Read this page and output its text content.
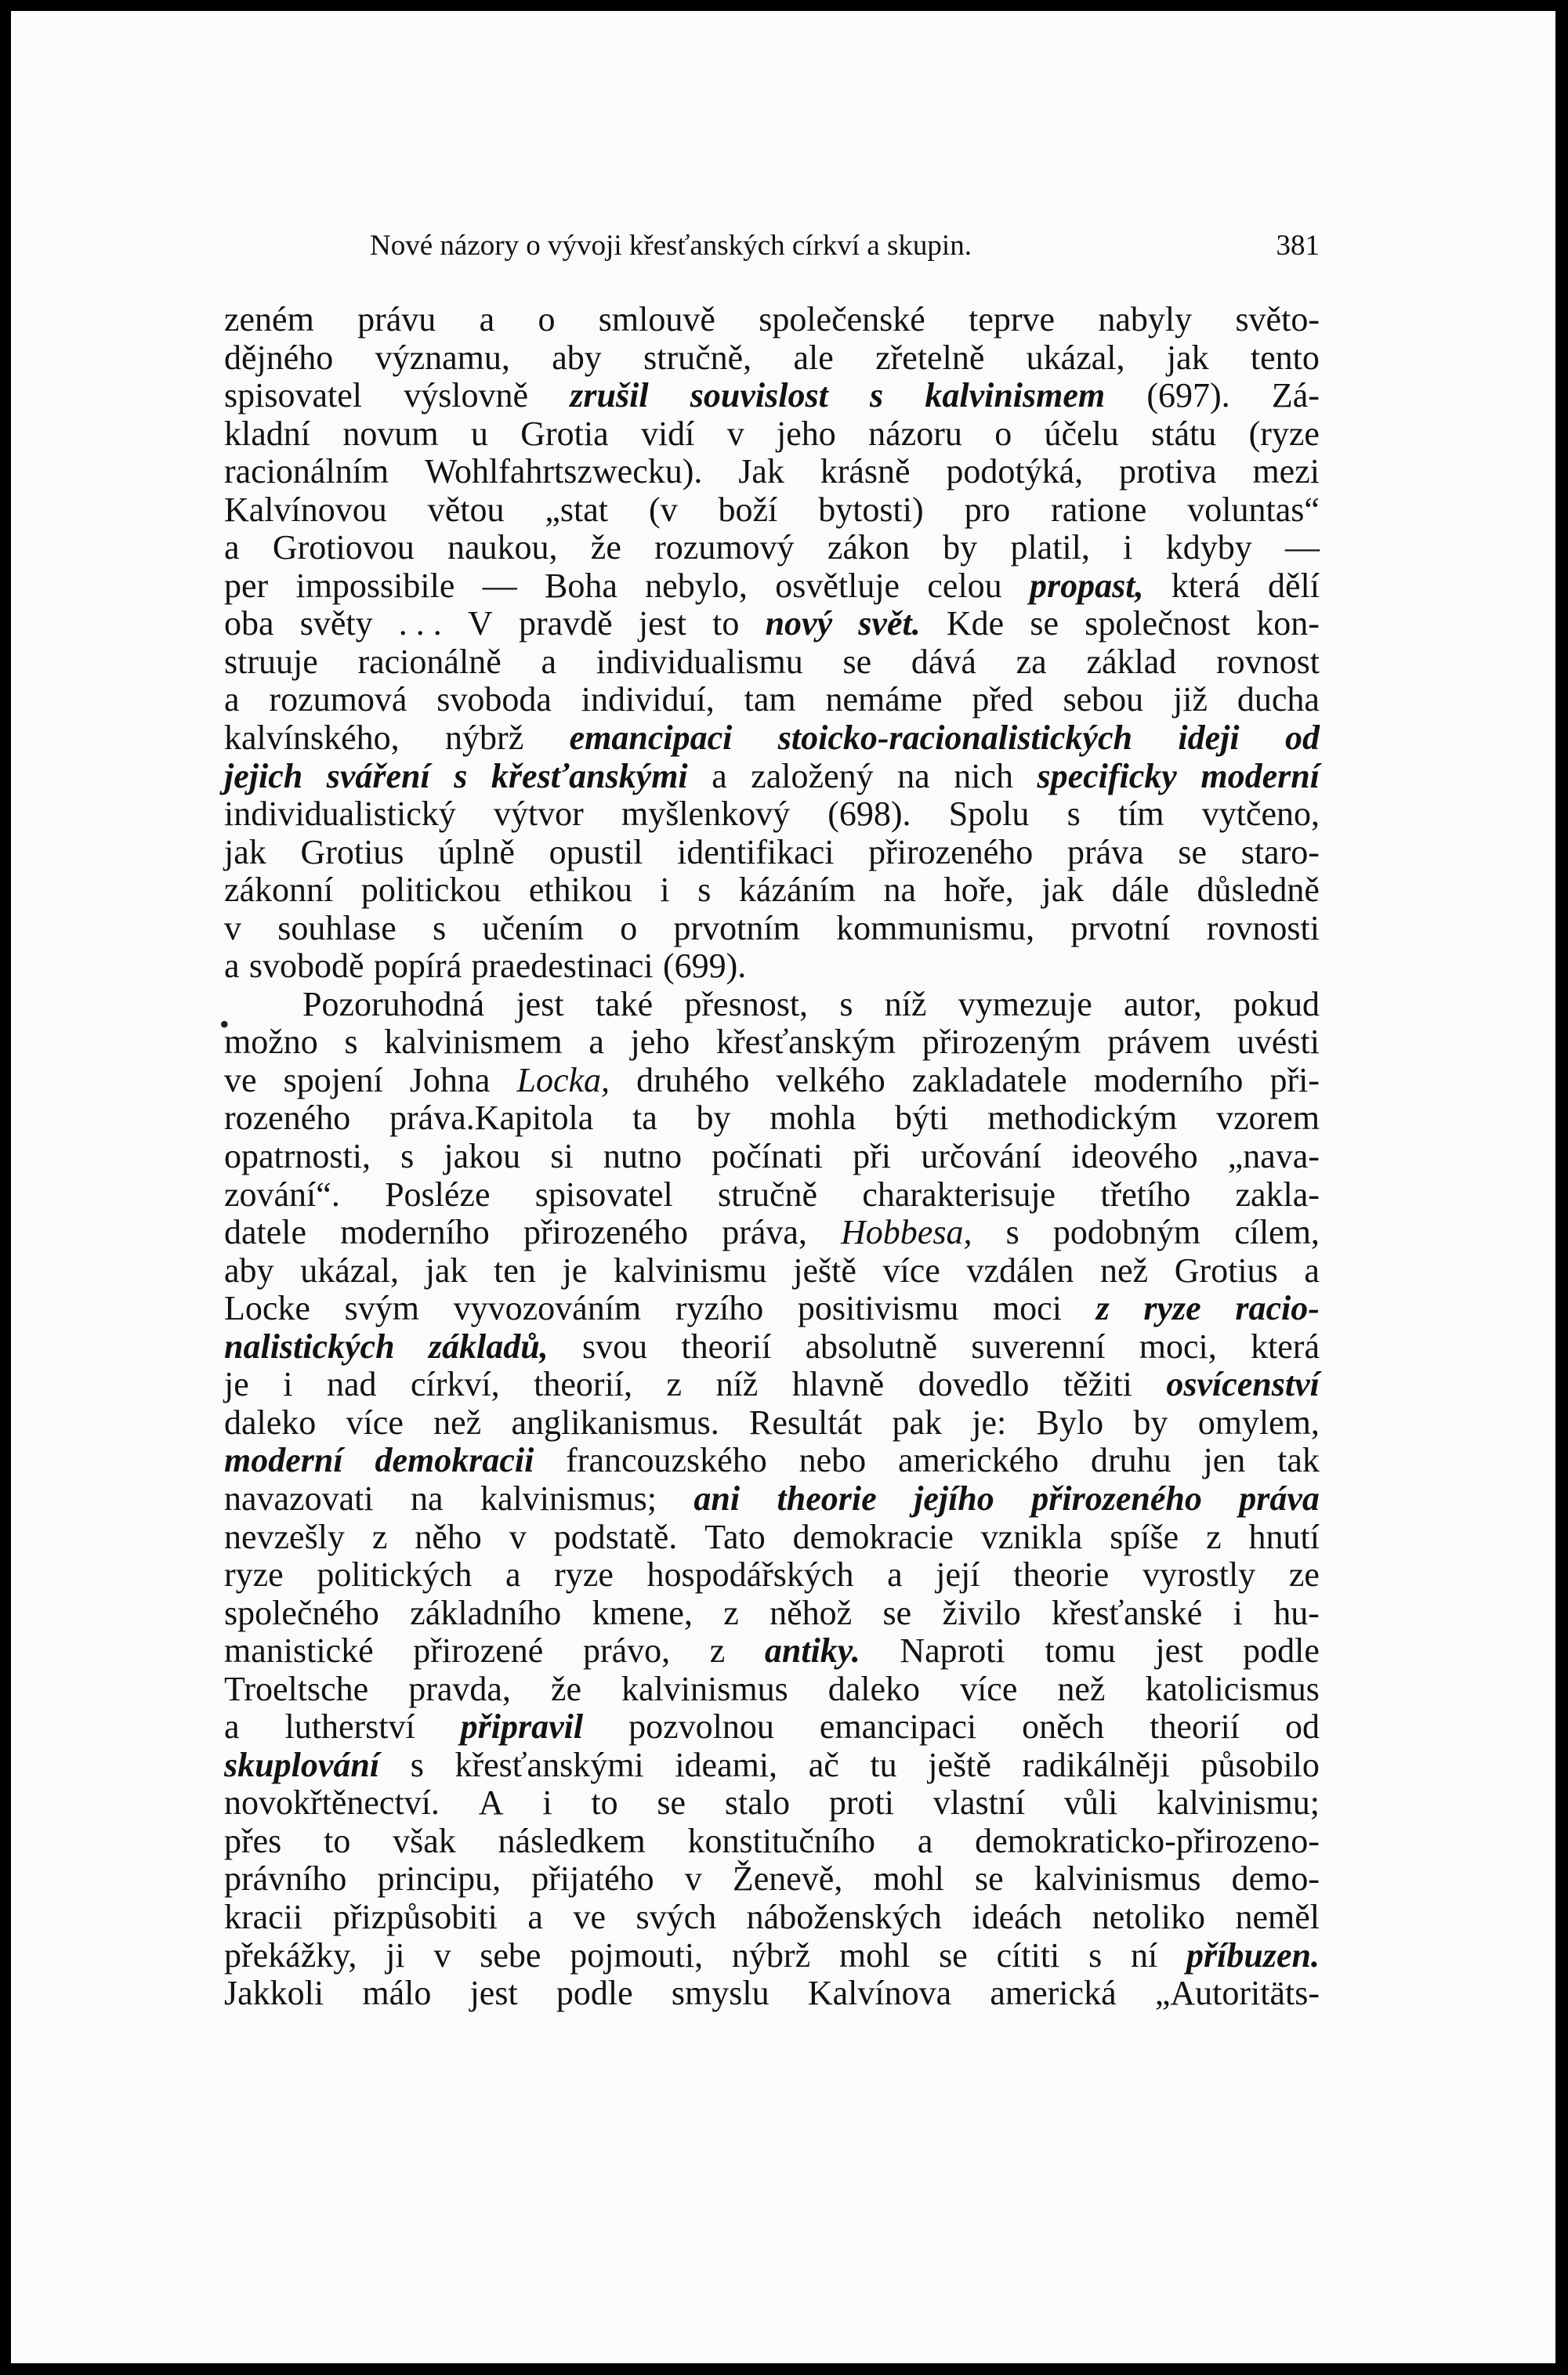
Nové názory o vývoji křesťanských církví a skupin.	381
•
zeném právu a o smlouvě společenské teprve nabyly světo-
dějného významu, aby stručně, ale zřetelně ukázal, jak tento
spisovatel výslovně zrušil souvislost s kalvinismem (697). Zá-
kladní novum u Grotia vidí v jeho názoru o účelu státu (ryze
racionálním Wohlfahrtszwecku). Jak krásně podotýká, protiva mezi
Kalvínovou větou „stat (v boží bytosti) pro ratione voluntas“
a Grotiovou naukou, že rozumový zákon by platil, i kdyby —
per impossibile — Boha nebylo, osvětluje celou propast, která dělí
oba světy . . . V pravdě jest to nový svět. Kde se společnost kon-
struuje racionálně a individualismu se dává za základ rovnost
a rozumová svoboda individuí, tam nemáme před sebou již ducha
kalvínského, nýbrž emancipaci stoicko-racionalistických ideji od
jejich sváření s křesťanskými a založený na nich specificky moderní
individualistický výtvor myšlenkový (698). Spolu s tím vytčeno,
jak Grotius úplně opustil identifikaci přirozeného práva se staro-
zákonní politickou ethikou i s kázáním na hoře, jak dále důsledně
v souhlase s učením o prvotním kommunismu, prvotní rovnosti
a svobodě popírá praedestinaci (699).
Pozoruhodná jest také přesnost, s níž vymezuje autor, pokud
možno s kalvinismem a jeho křesťanským přirozeným právem uvésti
ve spojení Johna Locka, druhého velkého zakladatele moderního při-
rozeného práva.Kapitola ta by mohla býti methodickým vzorem
opatrnosti, s jakou si nutno počínati při určování ideového „nava-
zování“. Posléze spisovatel stručně charakterisuje třetího zakla-
datele moderního přirozeného práva, Hobbesa, s podobným cílem,
aby ukázal, jak ten je kalvinismu ještě více vzdálen než Grotius a
Locke svým vyvozováním ryzího positivismu moci z ryze racio-
nalistických základů, svou theorií absolutně suverenní moci, která
je i nad církví, theorií, z níž hlavně dovedlo těžiti osvícenství
daleko více než anglikanismus. Resultát pak je: Bylo by omylem,
moderní demokracii francouzského nebo amerického druhu jen tak
navazovati na kalvinismus; ani theorie jejího přirozeného práva
nevzešly z něho v podstatě. Tato demokracie vznikla spíše z hnutí
ryze politických a ryze hospodářských a její theorie vyrostly ze
společného základního kmene, z něhož se živilo křesťanské i hu-
manistické přirozené právo, z antiky. Naproti tomu jest podle
Troeltsche pravda, že kalvinismus daleko více než katolicismus
a lutherství připravil pozvolnou emancipaci oněch theorií od
skuplování s křesťanskými ideami, ač tu ještě radikálněji působilo
novokřtěnectví. A i to se stalo proti vlastní vůli kalvinismu;
přes to však následkem konstitučního a demokraticko-přirozeno-
právního principu, přijatého v Ženevě, mohl se kalvinismus demo-
kracii přizpůsobiti a ve svých náboženských ideách netoliko neměl
překážky, ji v sebe pojmouti, nýbrž mohl se cítiti s ní příbuzen.
Jakkoli málo jest podle smyslu Kalvínova americká „Autoritäts-
